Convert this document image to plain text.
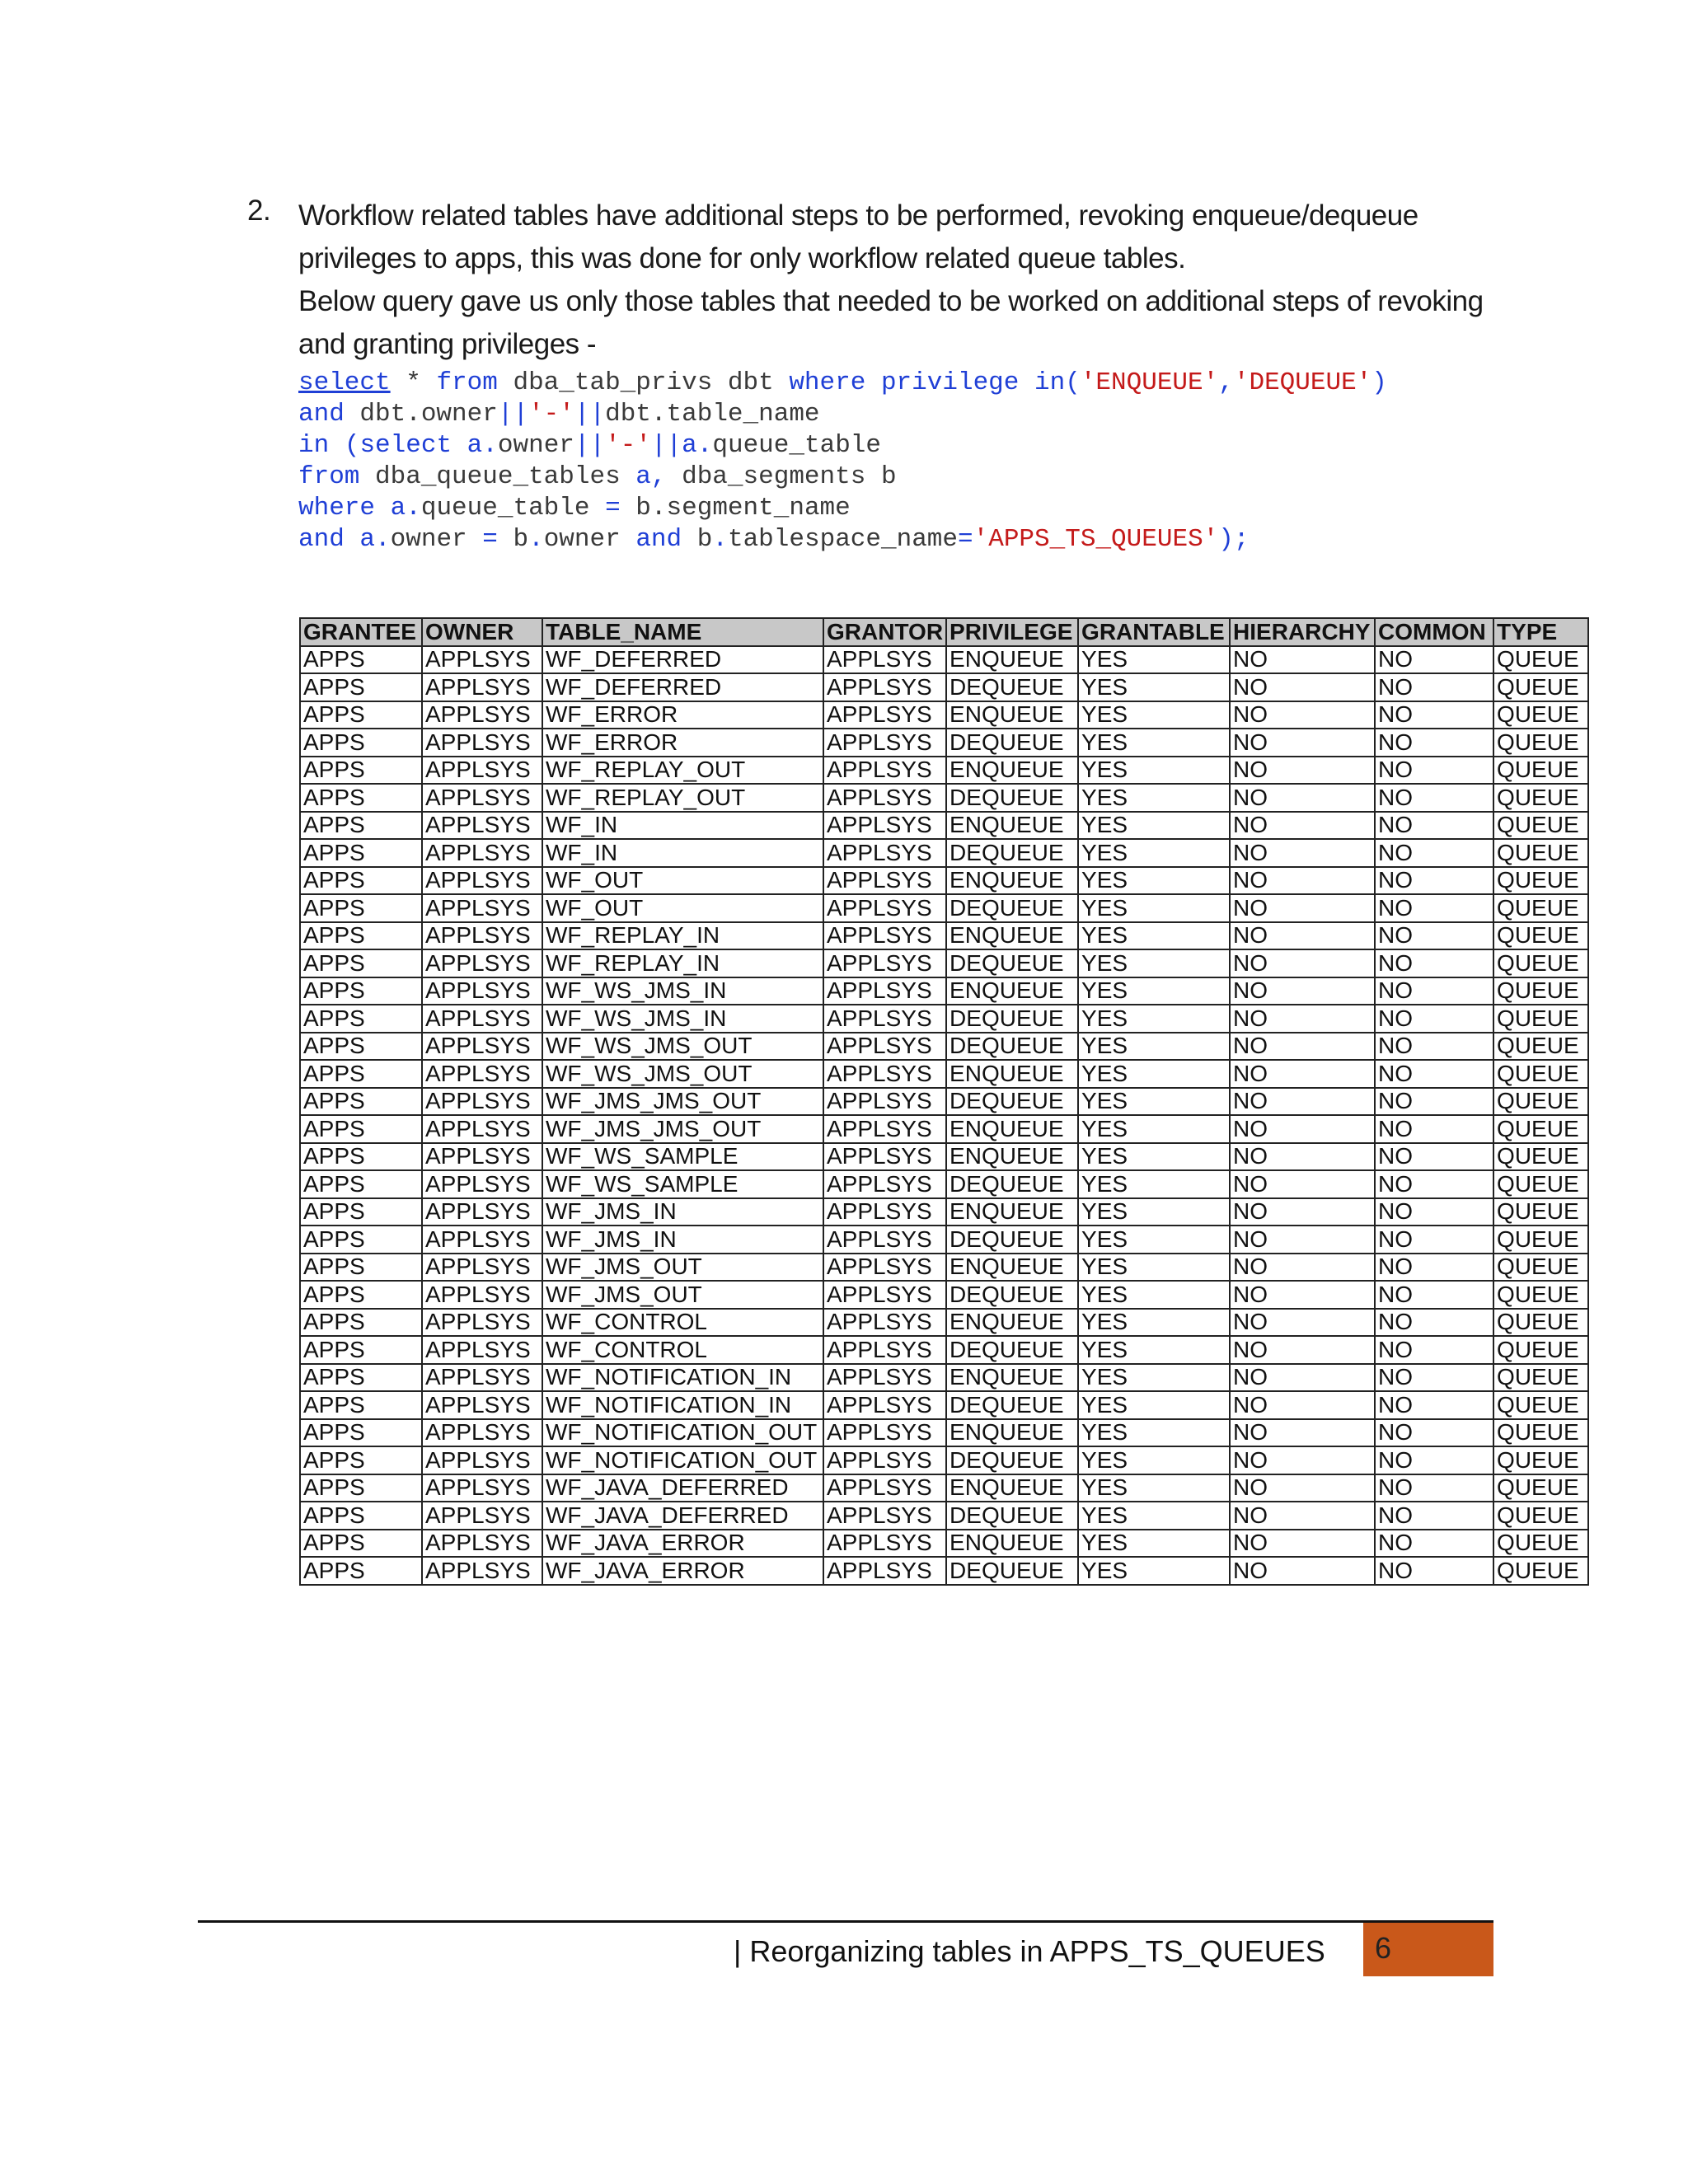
2. Workflow related tables have additional steps to be performed, revoking enqueue/dequeue
privileges to apps, this was done for only workflow related queue tables.
Below query gave us only those tables that needed to be worked on additional steps of revoking
and granting privileges -
select * from dba_tab_privs dbt where privilege in('ENQUEUE','DEQUEUE')
and dbt.owner||'-'||dbt.table_name
in (select a.owner||'-'||a.queue_table
from dba_queue_tables a, dba_segments b
where a.queue_table = b.segment_name
and a.owner = b.owner and b.tablespace_name='APPS_TS_QUEUES');
GRANTEE	OWNER	TABLE_NAME	GRANTOR	PRIVILEGE	GRANTABLE	HIERARCHY	COMMON	TYPE
APPS	APPLSYS	WF_DEFERRED	APPLSYS	ENQUEUE	YES	NO	NO	QUEUE
APPS	APPLSYS	WF_DEFERRED	APPLSYS	DEQUEUE	YES	NO	NO	QUEUE
APPS	APPLSYS	WF_ERROR	APPLSYS	ENQUEUE	YES	NO	NO	QUEUE
APPS	APPLSYS	WF_ERROR	APPLSYS	DEQUEUE	YES	NO	NO	QUEUE
APPS	APPLSYS	WF_REPLAY_OUT	APPLSYS	ENQUEUE	YES	NO	NO	QUEUE
APPS	APPLSYS	WF_REPLAY_OUT	APPLSYS	DEQUEUE	YES	NO	NO	QUEUE
APPS	APPLSYS	WF_IN	APPLSYS	ENQUEUE	YES	NO	NO	QUEUE
APPS	APPLSYS	WF_IN	APPLSYS	DEQUEUE	YES	NO	NO	QUEUE
APPS	APPLSYS	WF_OUT	APPLSYS	ENQUEUE	YES	NO	NO	QUEUE
APPS	APPLSYS	WF_OUT	APPLSYS	DEQUEUE	YES	NO	NO	QUEUE
APPS	APPLSYS	WF_REPLAY_IN	APPLSYS	ENQUEUE	YES	NO	NO	QUEUE
APPS	APPLSYS	WF_REPLAY_IN	APPLSYS	DEQUEUE	YES	NO	NO	QUEUE
APPS	APPLSYS	WF_WS_JMS_IN	APPLSYS	ENQUEUE	YES	NO	NO	QUEUE
APPS	APPLSYS	WF_WS_JMS_IN	APPLSYS	DEQUEUE	YES	NO	NO	QUEUE
APPS	APPLSYS	WF_WS_JMS_OUT	APPLSYS	DEQUEUE	YES	NO	NO	QUEUE
APPS	APPLSYS	WF_WS_JMS_OUT	APPLSYS	ENQUEUE	YES	NO	NO	QUEUE
APPS	APPLSYS	WF_JMS_JMS_OUT	APPLSYS	DEQUEUE	YES	NO	NO	QUEUE
APPS	APPLSYS	WF_JMS_JMS_OUT	APPLSYS	ENQUEUE	YES	NO	NO	QUEUE
APPS	APPLSYS	WF_WS_SAMPLE	APPLSYS	ENQUEUE	YES	NO	NO	QUEUE
APPS	APPLSYS	WF_WS_SAMPLE	APPLSYS	DEQUEUE	YES	NO	NO	QUEUE
APPS	APPLSYS	WF_JMS_IN	APPLSYS	ENQUEUE	YES	NO	NO	QUEUE
APPS	APPLSYS	WF_JMS_IN	APPLSYS	DEQUEUE	YES	NO	NO	QUEUE
APPS	APPLSYS	WF_JMS_OUT	APPLSYS	ENQUEUE	YES	NO	NO	QUEUE
APPS	APPLSYS	WF_JMS_OUT	APPLSYS	DEQUEUE	YES	NO	NO	QUEUE
APPS	APPLSYS	WF_CONTROL	APPLSYS	ENQUEUE	YES	NO	NO	QUEUE
APPS	APPLSYS	WF_CONTROL	APPLSYS	DEQUEUE	YES	NO	NO	QUEUE
APPS	APPLSYS	WF_NOTIFICATION_IN	APPLSYS	ENQUEUE	YES	NO	NO	QUEUE
APPS	APPLSYS	WF_NOTIFICATION_IN	APPLSYS	DEQUEUE	YES	NO	NO	QUEUE
APPS	APPLSYS	WF_NOTIFICATION_OUT	APPLSYS	ENQUEUE	YES	NO	NO	QUEUE
APPS	APPLSYS	WF_NOTIFICATION_OUT	APPLSYS	DEQUEUE	YES	NO	NO	QUEUE
APPS	APPLSYS	WF_JAVA_DEFERRED	APPLSYS	ENQUEUE	YES	NO	NO	QUEUE
APPS	APPLSYS	WF_JAVA_DEFERRED	APPLSYS	DEQUEUE	YES	NO	NO	QUEUE
APPS	APPLSYS	WF_JAVA_ERROR	APPLSYS	ENQUEUE	YES	NO	NO	QUEUE
APPS	APPLSYS	WF_JAVA_ERROR	APPLSYS	DEQUEUE	YES	NO	NO	QUEUE
| Reorganizing tables in APPS_TS_QUEUES 6
